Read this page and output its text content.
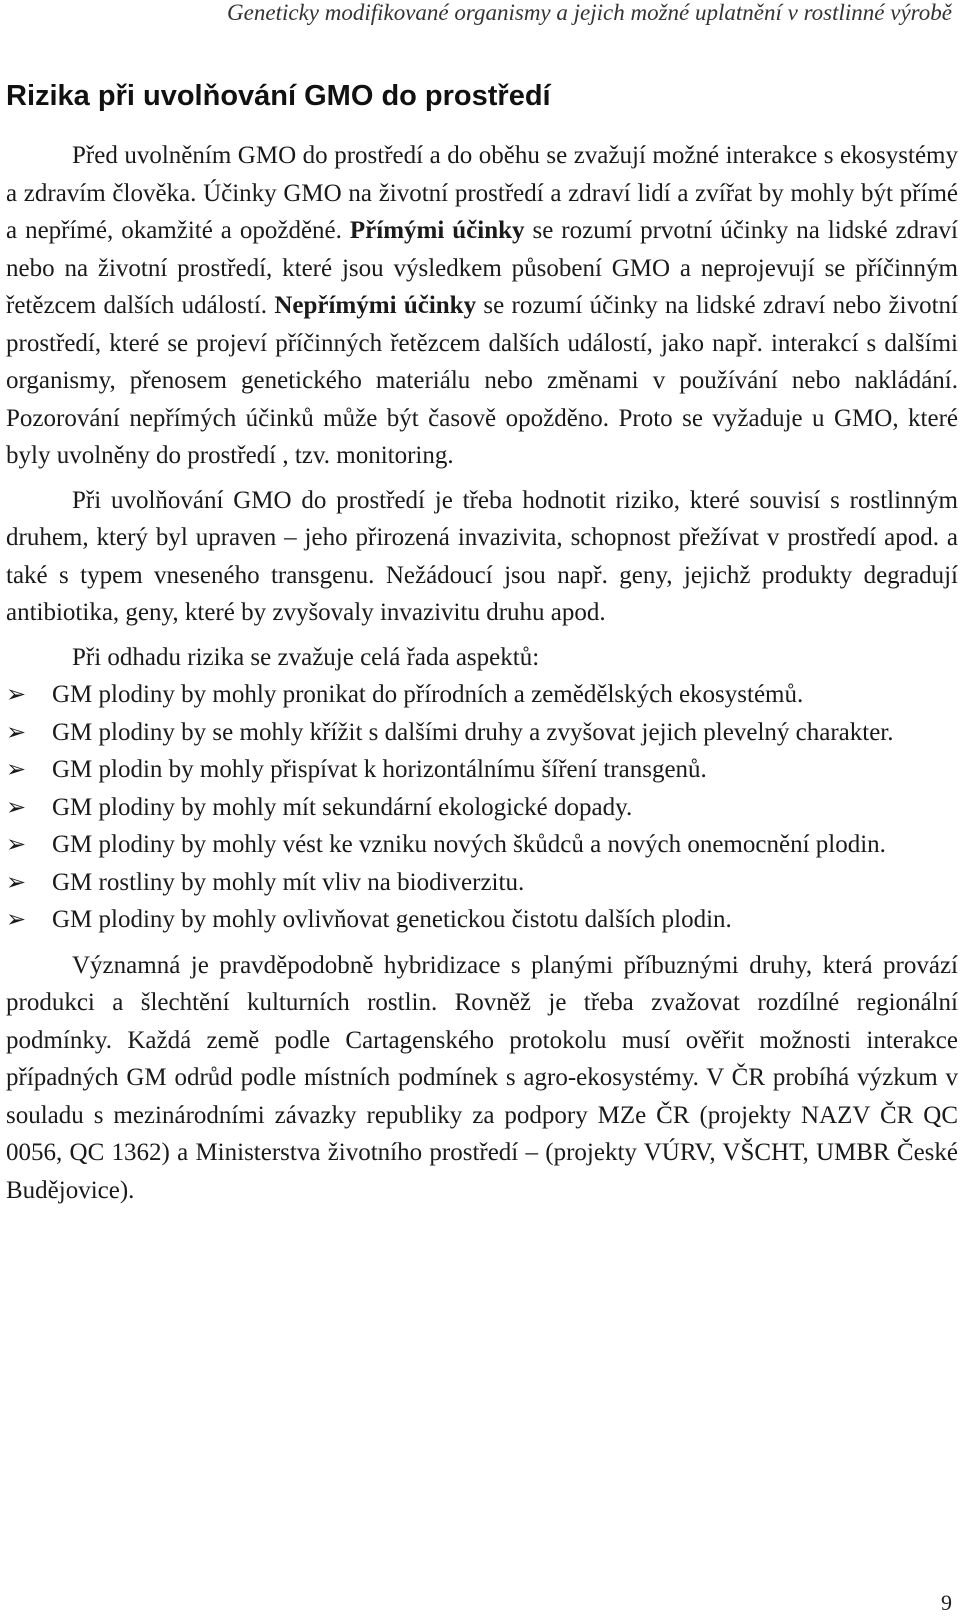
Geneticky modifikované organismy a jejich možné uplatnění v rostlinné výrobě
Rizika při uvolňování GMO do prostředí

Před uvolněním GMO do prostředí a do oběhu se zvažují možné interakce s ekosystémy a zdravím člověka. Účinky GMO na životní prostředí a zdraví lidí a zvířat by mohly být přímé a nepřímé, okamžité a opožděné. Přímými účinky se rozumí prvotní účinky na lidské zdraví nebo na životní prostředí, které jsou výsledkem působení GMO a neprojevují se příčinným řetězcem dalších událostí. Nepřímými účinky se rozumí účinky na lidské zdraví nebo životní prostředí, které se projeví příčinných řetězcem dalších událostí, jako např. interakcí s dalšími organismy, přenosem genetického materiálu nebo změnami v používání nebo nakládání. Pozorování nepřímých účinků může být časově opožděno. Proto se vyžaduje u GMO, které byly uvolněny do prostředí , tzv. monitoring.

Při uvolňování GMO do prostředí je třeba hodnotit riziko, které souvisí s rostlinným druhem, který byl upraven – jeho přirozená invazivita, schopnost přežívat v prostředí apod. a také s typem vneseného transgenu. Nežádoucí jsou např. geny, jejichž produkty degradují antibiotika, geny, které by zvyšovaly invazivitu druhu apod.

Při odhadu rizika se zvažuje celá řada aspektů:

➢	GM plodiny by mohly pronikat do přírodních a zemědělských ekosystémů.
➢	GM plodiny by se mohly křížit s dalšími druhy a zvyšovat jejich plevelný charakter.
➢	GM plodin by mohly přispívat k horizontálnímu šíření transgenů.
➢	GM plodiny by mohly mít sekundární ekologické dopady.
➢	GM plodiny by mohly vést ke vzniku nových škůdců a nových onemocnění plodin.
➢	GM rostliny by mohly mít vliv na biodiverzitu.
➢	GM plodiny by mohly ovlivňovat genetickou čistotu dalších plodin.

Významná je pravděpodobně hybridizace s planými příbuznými druhy, která provází produkci a šlechtění kulturních rostlin. Rovněž je třeba zvažovat rozdílné regionální podmínky. Každá země podle Cartagenského protokolu musí ověřit možnosti interakce případných GM odrůd podle místních podmínek s agro-ekosystémy. V ČR probíhá výzkum v souladu s mezinárodními závazky republiky za podpory MZe ČR (projekty NAZV ČR QC 0056, QC 1362) a Ministerstva životního prostředí – (projekty VÚRV, VŠCHT, UMBR České Budějovice).

9
